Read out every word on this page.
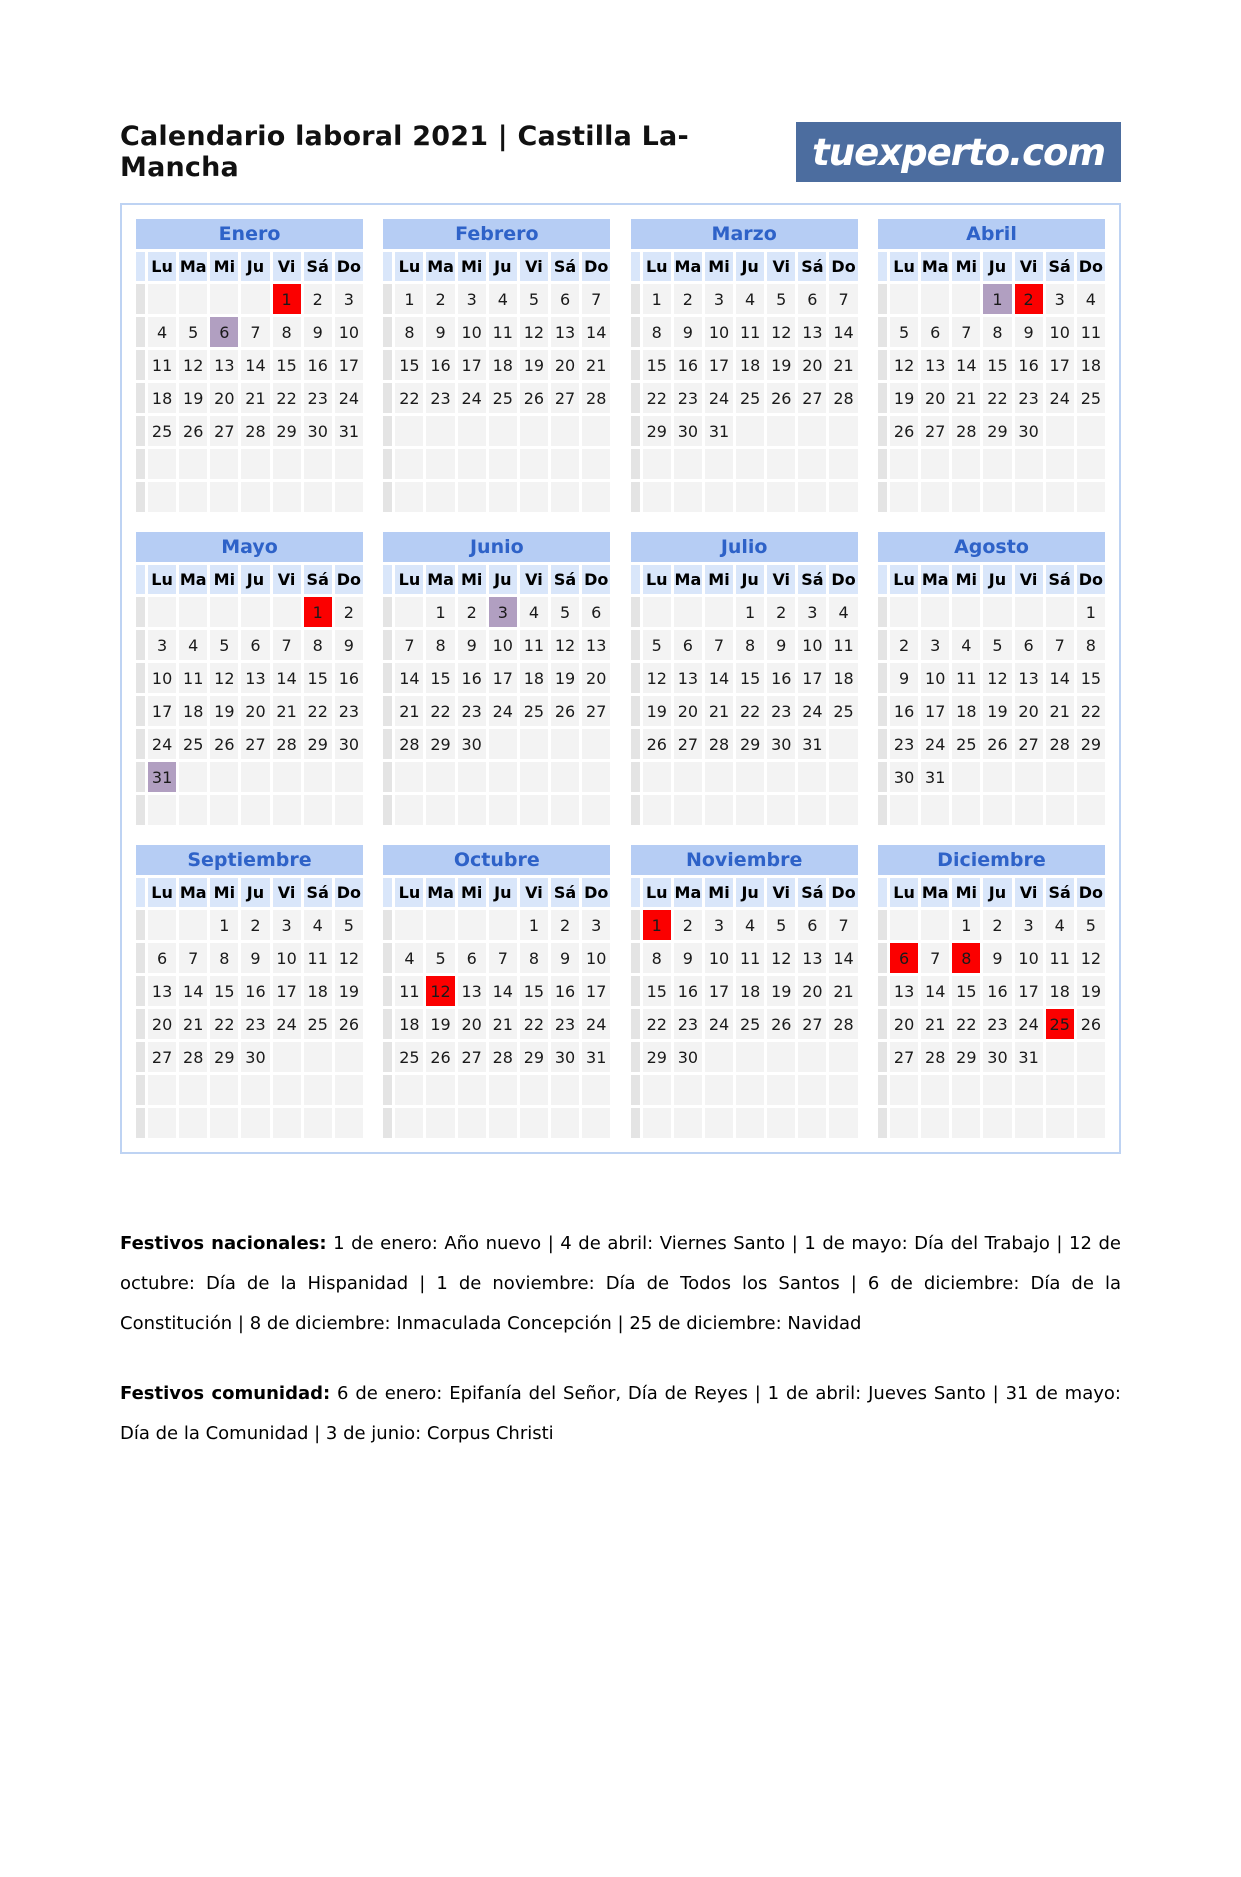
Calendario laboral 2021 | Castilla La-Mancha	tuexperto.com
Enero							
	Lu	Ma	Mi	Ju	Vi	Sá	Do
					1	2	3
	4	5	6	7	8	9	10
	11	12	13	14	15	16	17
	18	19	20	21	22	23	24
	25	26	27	28	29	30	31

Febrero							
	Lu	Ma	Mi	Ju	Vi	Sá	Do
	1	2	3	4	5	6	7
	8	9	10	11	12	13	14
	15	16	17	18	19	20	21
	22	23	24	25	26	27	28

Marzo							
	Lu	Ma	Mi	Ju	Vi	Sá	Do
	1	2	3	4	5	6	7
	8	9	10	11	12	13	14
	15	16	17	18	19	20	21
	22	23	24	25	26	27	28
	29	30	31				

Abril							
	Lu	Ma	Mi	Ju	Vi	Sá	Do
				1	2	3	4
	5	6	7	8	9	10	11
	12	13	14	15	16	17	18
	19	20	21	22	23	24	25
	26	27	28	29	30		

Mayo							
	Lu	Ma	Mi	Ju	Vi	Sá	Do
						1	2
	3	4	5	6	7	8	9
	10	11	12	13	14	15	16
	17	18	19	20	21	22	23
	24	25	26	27	28	29	30
	31						

Junio							
	Lu	Ma	Mi	Ju	Vi	Sá	Do
		1	2	3	4	5	6
	7	8	9	10	11	12	13
	14	15	16	17	18	19	20
	21	22	23	24	25	26	27
	28	29	30				

Julio							
	Lu	Ma	Mi	Ju	Vi	Sá	Do
				1	2	3	4
	5	6	7	8	9	10	11
	12	13	14	15	16	17	18
	19	20	21	22	23	24	25
	26	27	28	29	30	31	

Agosto							
	Lu	Ma	Mi	Ju	Vi	Sá	Do
							1
	2	3	4	5	6	7	8
	9	10	11	12	13	14	15
	16	17	18	19	20	21	22
	23	24	25	26	27	28	29
	30	31					

Septiembre							
	Lu	Ma	Mi	Ju	Vi	Sá	Do
			1	2	3	4	5
	6	7	8	9	10	11	12
	13	14	15	16	17	18	19
	20	21	22	23	24	25	26
	27	28	29	30			

Octubre							
	Lu	Ma	Mi	Ju	Vi	Sá	Do
					1	2	3
	4	5	6	7	8	9	10
	11	12	13	14	15	16	17
	18	19	20	21	22	23	24
	25	26	27	28	29	30	31

Noviembre							
	Lu	Ma	Mi	Ju	Vi	Sá	Do
	1	2	3	4	5	6	7
	8	9	10	11	12	13	14
	15	16	17	18	19	20	21
	22	23	24	25	26	27	28
	29	30					

Diciembre							
	Lu	Ma	Mi	Ju	Vi	Sá	Do
			1	2	3	4	5
	6	7	8	9	10	11	12
	13	14	15	16	17	18	19
	20	21	22	23	24	25	26
	27	28	29	30	31		

Festivos nacionales: 1 de enero: Año nuevo | 4 de abril: Viernes Santo | 1 de mayo: Día del Trabajo | 12 de octubre: Día de la Hispanidad | 1 de noviembre: Día de Todos los Santos | 6 de diciembre: Día de la Constitución | 8 de diciembre: Inmaculada Concepción | 25 de diciembre: Navidad

Festivos comunidad: 6 de enero: Epifanía del Señor, Día de Reyes | 1 de abril: Jueves Santo | 31 de mayo: Día de la Comunidad | 3 de junio: Corpus Christi
